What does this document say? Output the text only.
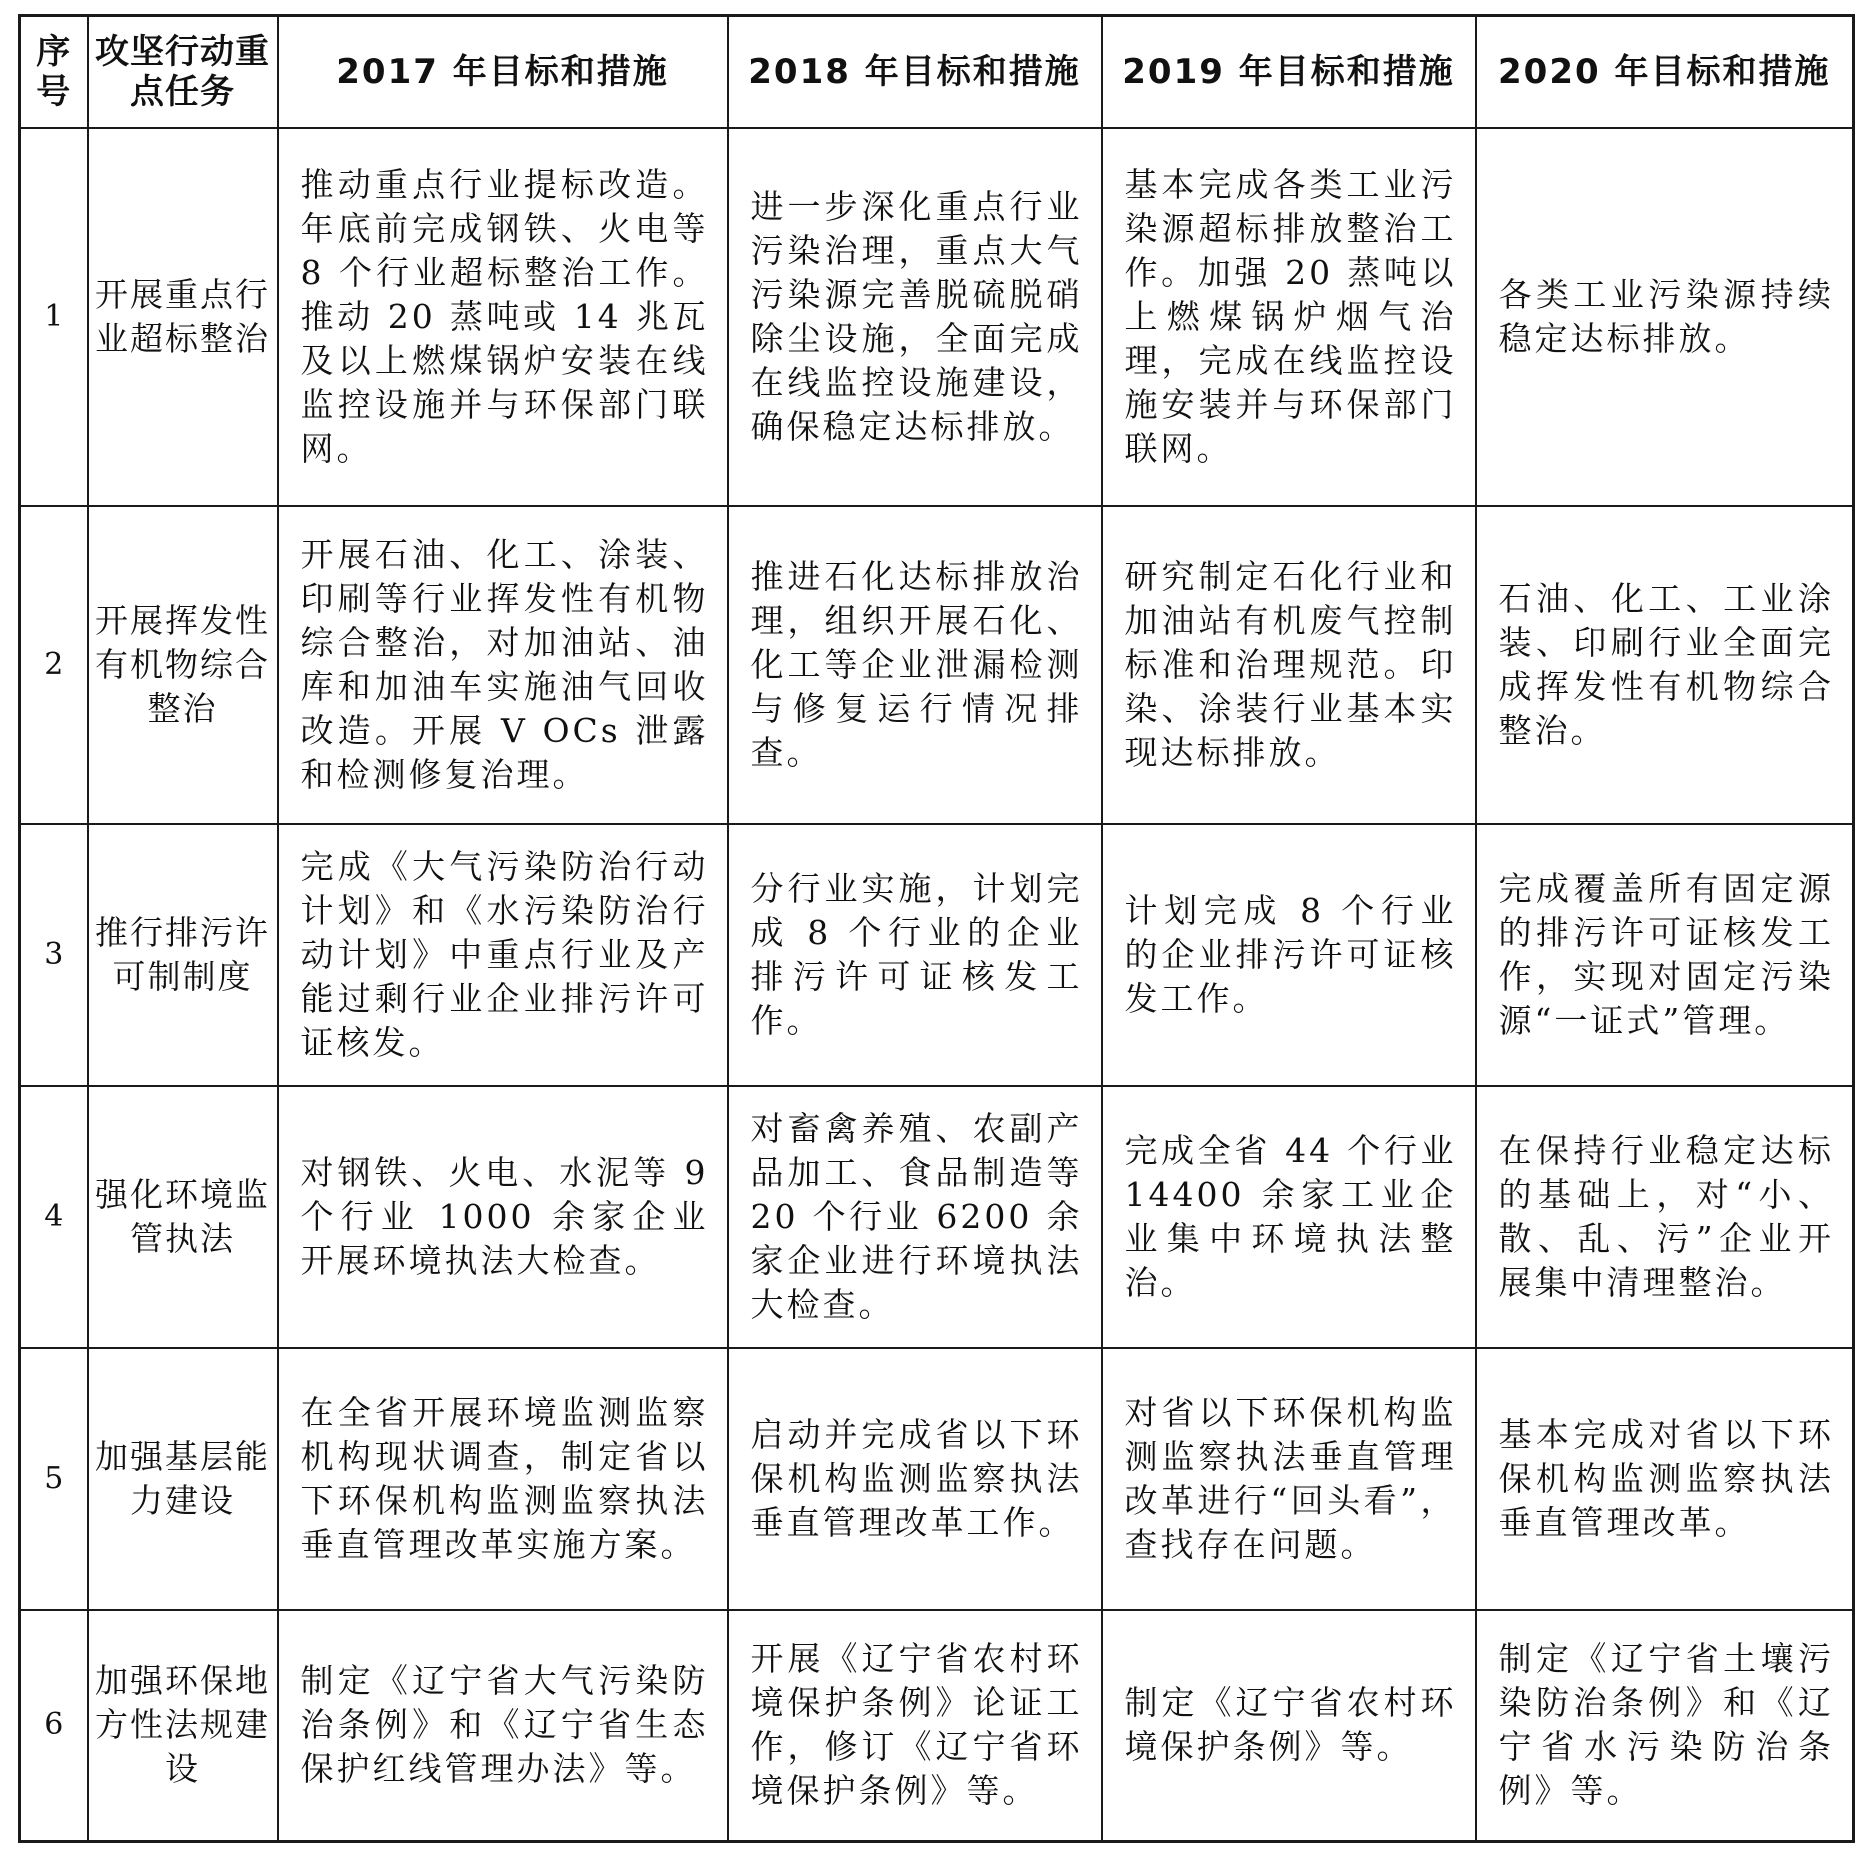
序号	攻坚行动重点任务	2017 年目标和措施	2018 年目标和措施	2019 年目标和措施	2020 年目标和措施
1	开展重点行业超标整治	推动重点行业提标改造。年底前完成钢铁、火电等 8 个行业超标整治工作。推动 20 蒸吨或 14 兆瓦及以上燃煤锅炉安装在线监控设施并与环保部门联网。	进一步深化重点行业污染治理，重点大气污染源完善脱硫脱硝除尘设施，全面完成在线监控设施建设，确保稳定达标排放。	基本完成各类工业污染源超标排放整治工作。加强 20 蒸吨以上燃煤锅炉烟气治理，完成在线监控设施安装并与环保部门联网。	各类工业污染源持续稳定达标排放。
2	开展挥发性有机物综合整治	开展石油、化工、涂装、印刷等行业挥发性有机物综合整治，对加油站、油库和加油车实施油气回收改造。开展 V OCs 泄露和检测修复治理。	推进石化达标排放治理，组织开展石化、化工等企业泄漏检测与修复运行情况排查。	研究制定石化行业和加油站有机废气控制标准和治理规范。印染、涂装行业基本实现达标排放。	石油、化工、工业涂装、印刷行业全面完成挥发性有机物综合整治。
3	推行排污许可制制度	完成《大气污染防治行动计划》和《水污染防治行动计划》中重点行业及产能过剩行业企业排污许可证核发。	分行业实施，计划完成 8 个行业的企业排污许可证核发工作。	计划完成 8 个行业的企业排污许可证核发工作。	完成覆盖所有固定源的排污许可证核发工作，实现对固定污染源“一证式”管理。
4	强化环境监管执法	对钢铁、火电、水泥等 9 个行业 1000 余家企业开展环境执法大检查。	对畜禽养殖、农副产品加工、食品制造等 20 个行业 6200 余家企业进行环境执法大检查。	完成全省 44 个行业 14400 余家工业企业集中环境执法整治。	在保持行业稳定达标的基础上，对“小、散、乱、污”企业开展集中清理整治。
5	加强基层能力建设	在全省开展环境监测监察机构现状调查，制定省以下环保机构监测监察执法垂直管理改革实施方案。	启动并完成省以下环保机构监测监察执法垂直管理改革工作。	对省以下环保机构监测监察执法垂直管理改革进行“回头看”，查找存在问题。	基本完成对省以下环保机构监测监察执法垂直管理改革。
6	加强环保地方性法规建设	制定《辽宁省大气污染防治条例》和《辽宁省生态保护红线管理办法》等。	开展《辽宁省农村环境保护条例》论证工作，修订《辽宁省环境保护条例》等。	制定《辽宁省农村环境保护条例》等。	制定《辽宁省土壤污染防治条例》和《辽宁省水污染防治条例》等。
